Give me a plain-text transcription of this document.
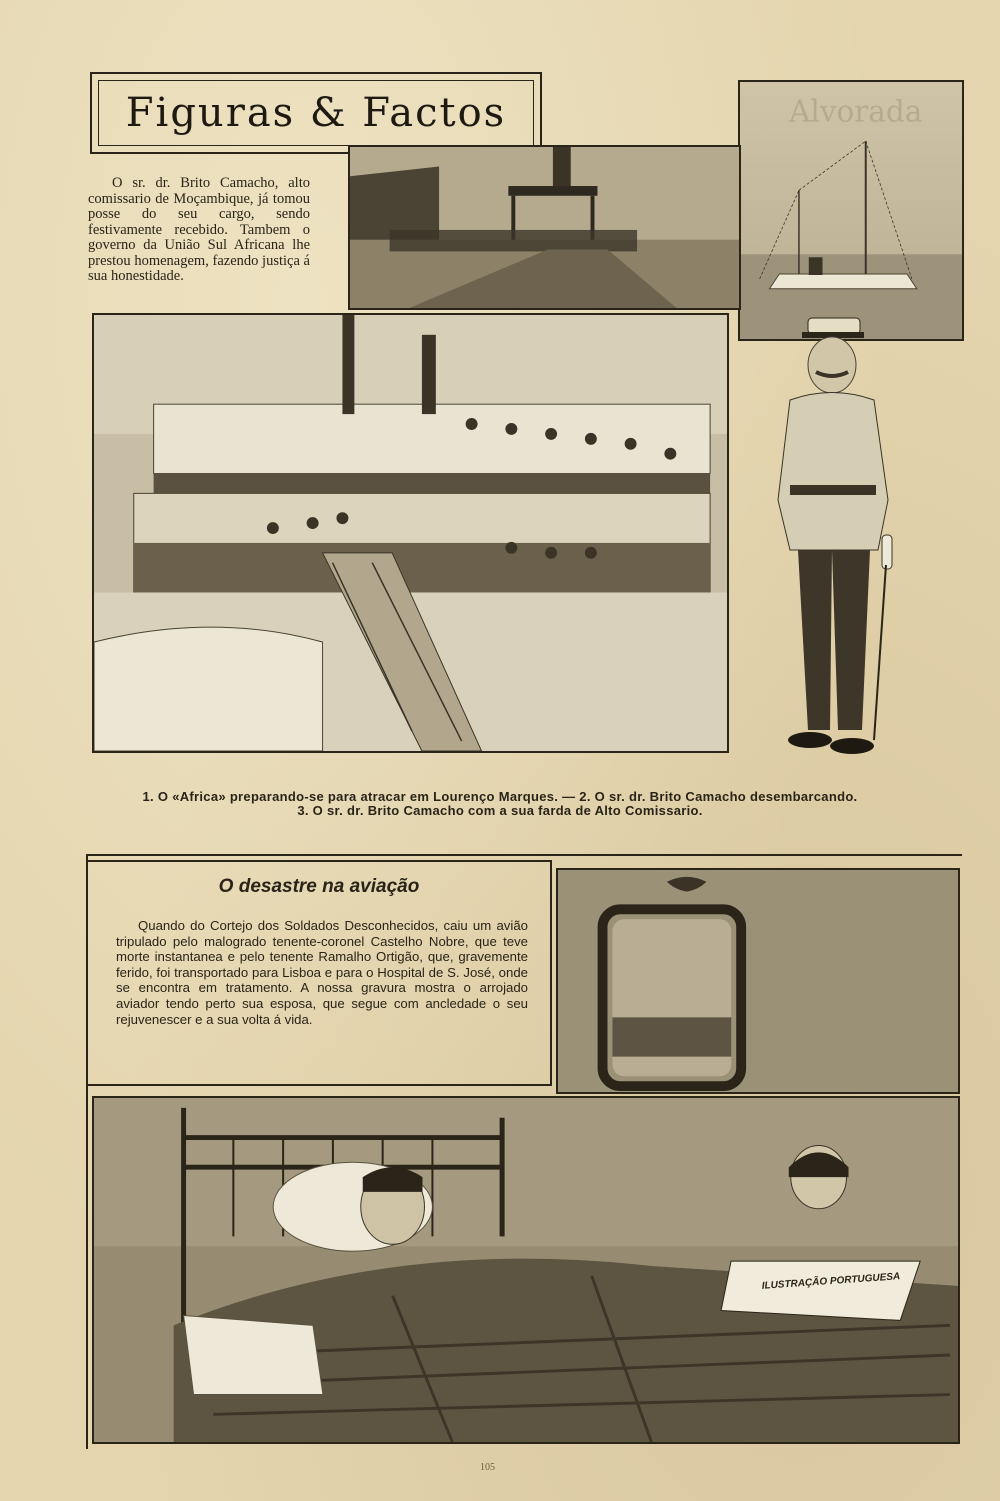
Figuras & Factos
O sr. dr. Brito Camacho, alto comissario de Moçambique, já tomou posse do seu cargo, sendo festivamente recebido. Tambem o governo da União Sul Africana lhe prestou homenagem, fazendo justiça á sua honestidade.
Alvorada
1. O «Africa» preparando-se para atracar em Lourenço Marques. — 2. O sr. dr. Brito Camacho desembarcando.
3. O sr. dr. Brito Camacho com a sua farda de Alto Comissario.
O desastre na aviação
Quando do Cortejo dos Soldados Desconhecidos, caiu um avião tripulado pelo malogrado tenente-coronel Castelho Nobre, que teve morte instantanea e pelo tenente Ramalho Ortigão, que, gravemente ferido, foi transportado para Lisboa e para o Hospital de S. José, onde se encontra em tratamento. A nossa gravura mostra o arrojado aviador tendo perto sua esposa, que segue com ancledade o seu rejuvenescer e a sua volta á vida.
ILUSTRAÇÃO PORTUGUESA
105
